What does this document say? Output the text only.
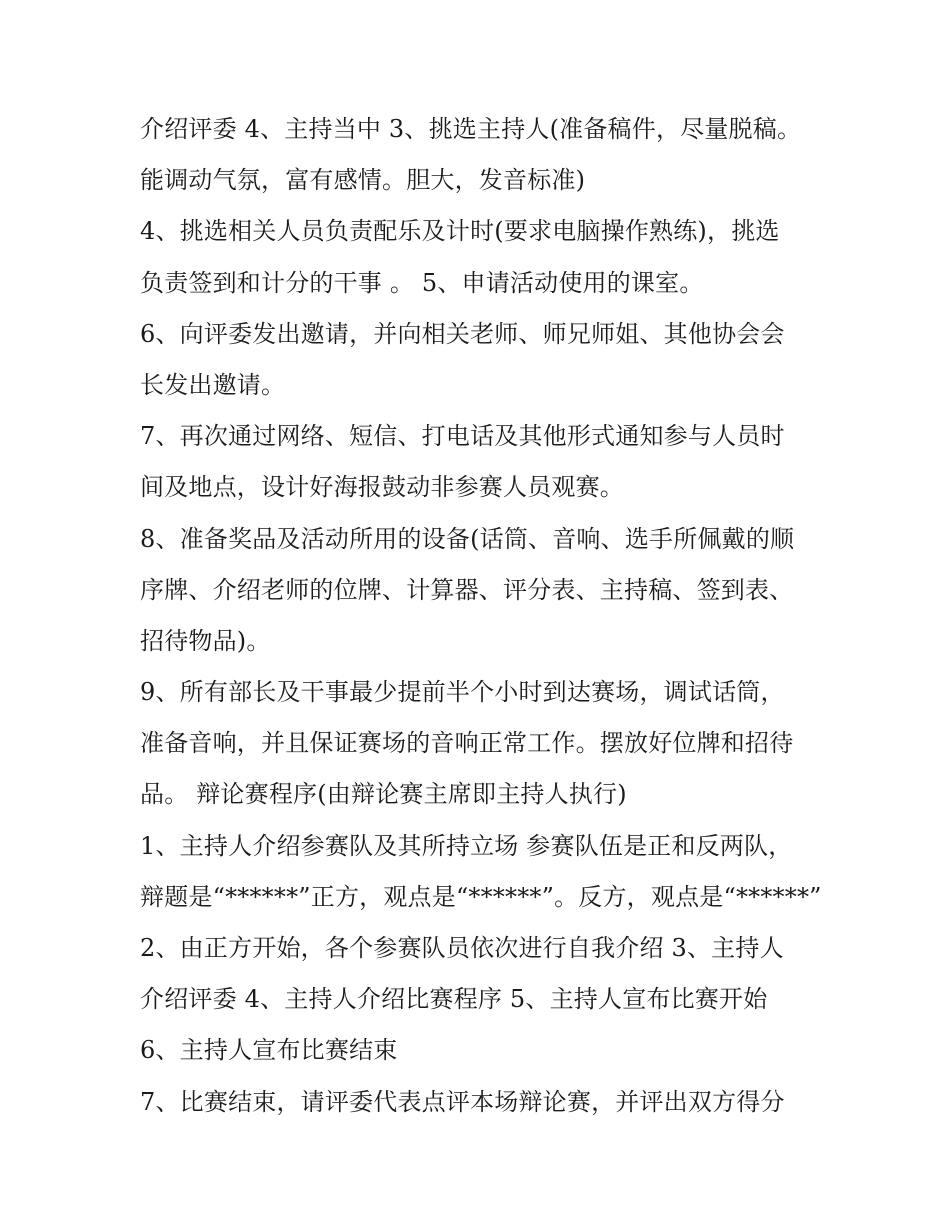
介绍评委 4、主持当中 3、挑选主持人(准备稿件，尽量脱稿。
能调动气氛，富有感情。胆大，发音标准)
4、挑选相关人员负责配乐及计时(要求电脑操作熟练)，挑选
负责签到和计分的干事 。 5、申请活动使用的课室。
6、向评委发出邀请，并向相关老师、师兄师姐、其他协会会
长发出邀请。
7、再次通过网络、短信、打电话及其他形式通知参与人员时
间及地点，设计好海报鼓动非参赛人员观赛。
8、准备奖品及活动所用的设备(话筒、音响、选手所佩戴的顺
序牌、介绍老师的位牌、计算器、评分表、主持稿、签到表、
招待物品)。
9、所有部长及干事最少提前半个小时到达赛场，调试话筒，
准备音响，并且保证赛场的音响正常工作。摆放好位牌和招待
品。 辩论赛程序(由辩论赛主席即主持人执行)
1、主持人介绍参赛队及其所持立场 参赛队伍是正和反两队，
辩题是“******”正方，观点是“******”。反方，观点是“******”
2、由正方开始，各个参赛队员依次进行自我介绍 3、主持人
介绍评委 4、主持人介绍比赛程序 5、主持人宣布比赛开始
6、主持人宣布比赛结束
7、比赛结束，请评委代表点评本场辩论赛，并评出双方得分
